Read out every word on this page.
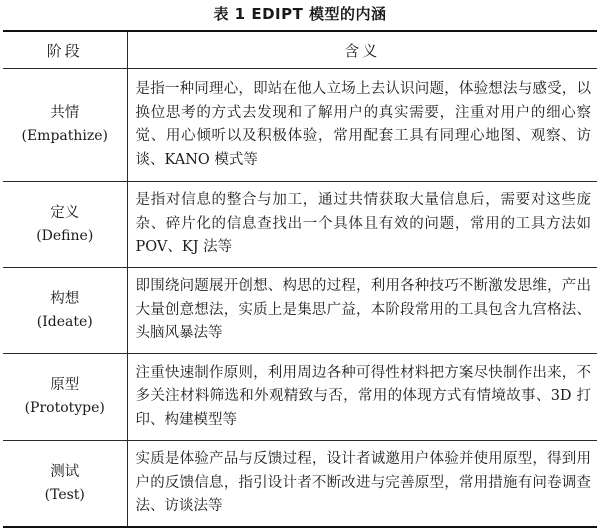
表 1 EDIPT 模型的内涵
阶段	含义

共情
(Empathize)	是指一种同理心，即站在他人立场上去认识问题，体验想法与感受，以换位思考的方式去发现和了解用户的真实需要，注重对用户的细心察觉、用心倾听以及积极体验，常用配套工具有同理心地图、观察、访谈、KANO 模式等

定义
(Define)	是指对信息的整合与加工，通过共情获取大量信息后，需要对这些庞杂、碎片化的信息查找出一个具体且有效的问题，常用的工具方法如 POV、KJ 法等

构想
(Ideate)	即围绕问题展开创想、构思的过程，利用各种技巧不断激发思维，产出大量创意想法，实质上是集思广益，本阶段常用的工具包含九宫格法、头脑风暴法等

原型
(Prototype)	注重快速制作原则，利用周边各种可得性材料把方案尽快制作出来，不多关注材料筛选和外观精致与否，常用的体现方式有情境故事、3D 打印、构建模型等

测试
(Test)	实质是体验产品与反馈过程，设计者诚邀用户体验并使用原型，得到用户的反馈信息，指引设计者不断改进与完善原型，常用措施有问卷调查法、访谈法等
